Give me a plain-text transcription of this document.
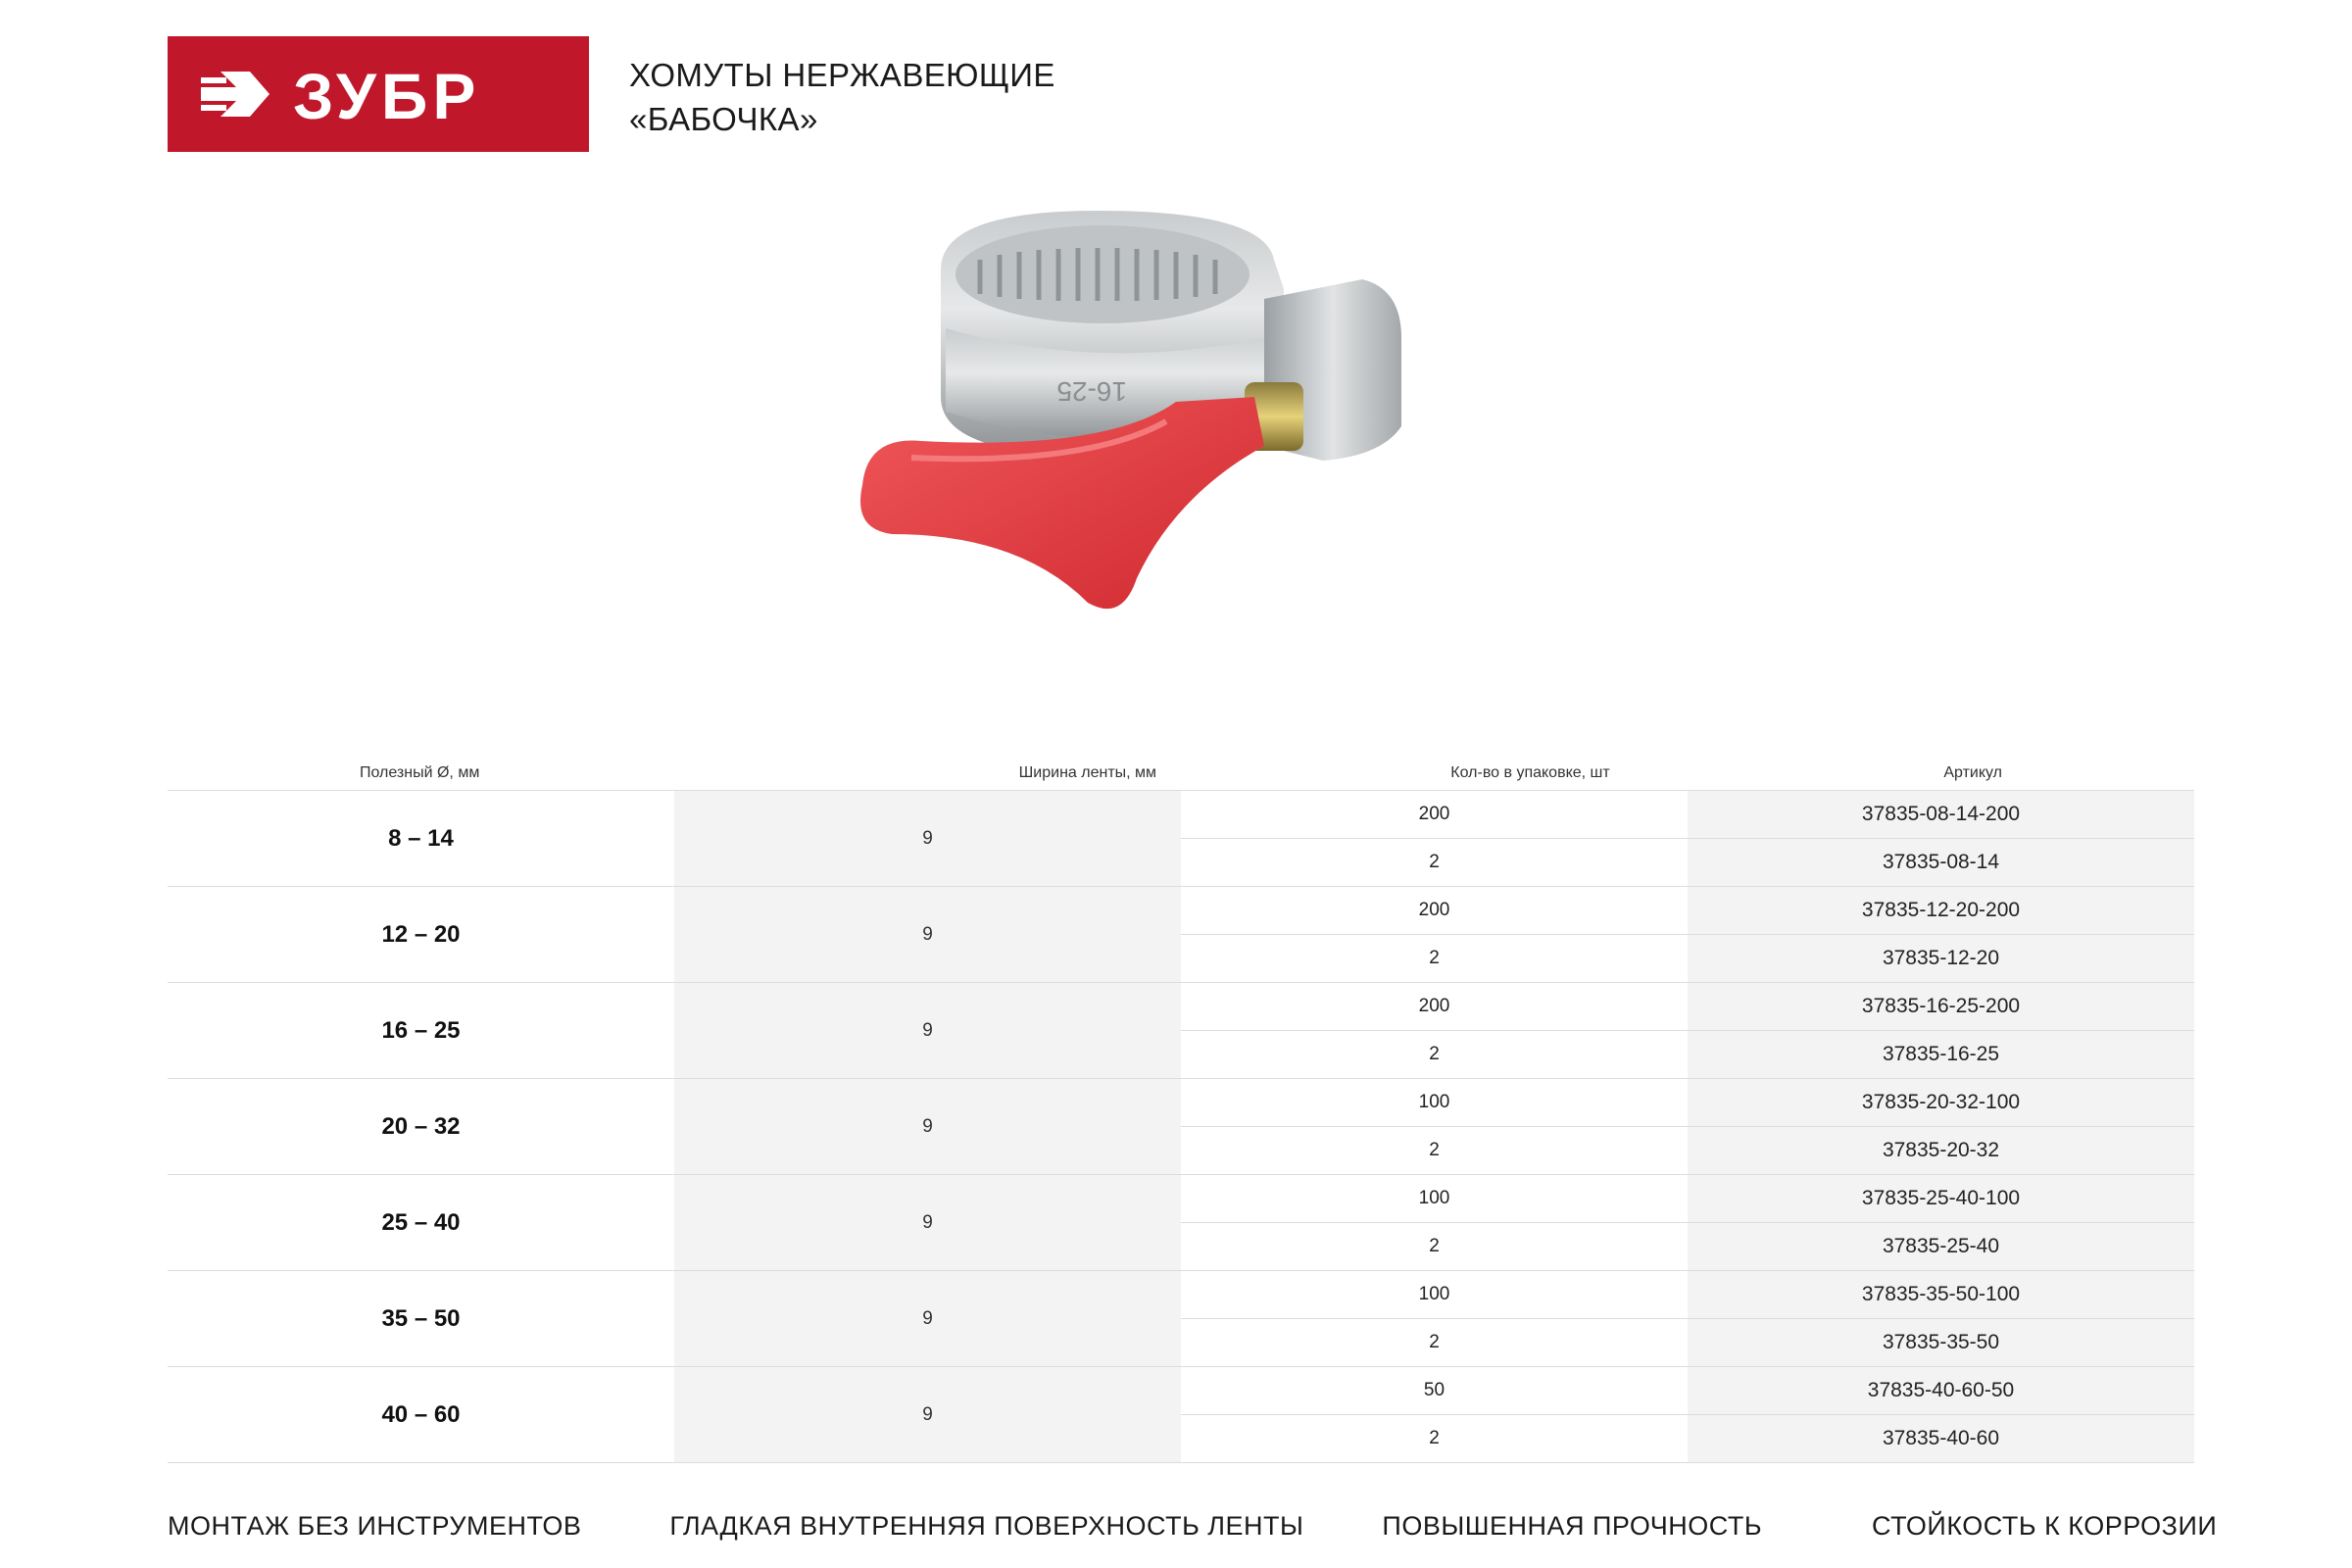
ЗУБР	ХОМУТЫ НЕРЖАВЕЮЩИЕ
«БАБОЧКА»
16-25
Полезный Ø, мм	Ширина ленты, мм	Кол-во в упаковке, шт	Артикул
8 – 14	9
200	37835-08-14-200
2	37835-08-14
12 – 20	9
200	37835-12-20-200
2	37835-12-20
16 – 25	9
200	37835-16-25-200
2	37835-16-25
20 – 32	9
100	37835-20-32-100
2	37835-20-32
25 – 40	9
100	37835-25-40-100
2	37835-25-40
35 – 50	9
100	37835-35-50-100
2	37835-35-50
40 – 60	9
50	37835-40-60-50
2	37835-40-60
МОНТАЖ БЕЗ ИНСТРУМЕНТОВ	ГЛАДКАЯ ВНУТРЕННЯЯ ПОВЕРХНОСТЬ ЛЕНТЫ	ПОВЫШЕННАЯ ПРОЧНОСТЬ	СТОЙКОСТЬ К КОРРОЗИИ
